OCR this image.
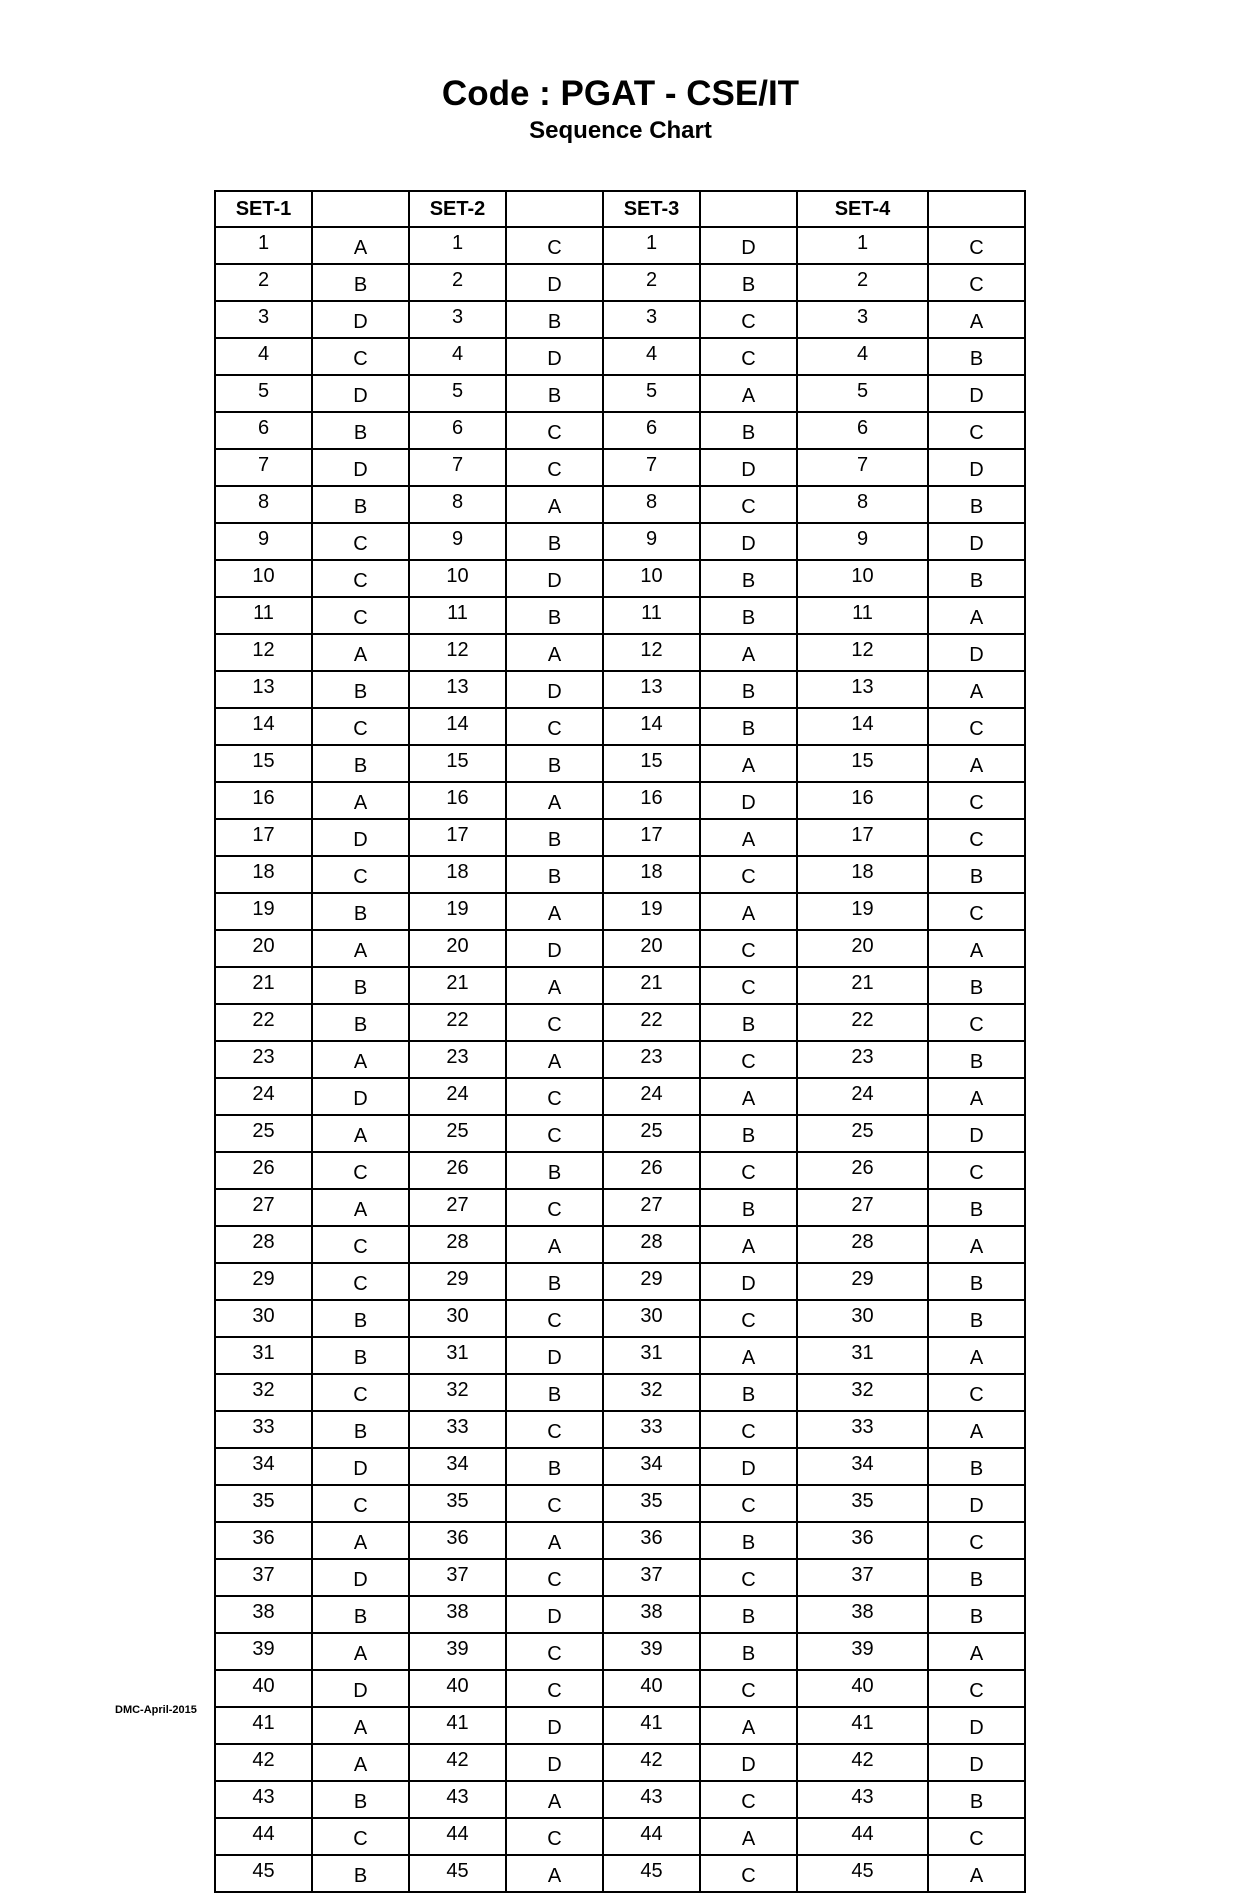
Code : PGAT - CSE/IT
Sequence Chart
SET-1		SET-2		SET-3		SET-4	
1	A	1	C	1	D	1	C
2	B	2	D	2	B	2	C
3	D	3	B	3	C	3	A
4	C	4	D	4	C	4	B
5	D	5	B	5	A	5	D
6	B	6	C	6	B	6	C
7	D	7	C	7	D	7	D
8	B	8	A	8	C	8	B
9	C	9	B	9	D	9	D
10	C	10	D	10	B	10	B
11	C	11	B	11	B	11	A
12	A	12	A	12	A	12	D
13	B	13	D	13	B	13	A
14	C	14	C	14	B	14	C
15	B	15	B	15	A	15	A
16	A	16	A	16	D	16	C
17	D	17	B	17	A	17	C
18	C	18	B	18	C	18	B
19	B	19	A	19	A	19	C
20	A	20	D	20	C	20	A
21	B	21	A	21	C	21	B
22	B	22	C	22	B	22	C
23	A	23	A	23	C	23	B
24	D	24	C	24	A	24	A
25	A	25	C	25	B	25	D
26	C	26	B	26	C	26	C
27	A	27	C	27	B	27	B
28	C	28	A	28	A	28	A
29	C	29	B	29	D	29	B
30	B	30	C	30	C	30	B
31	B	31	D	31	A	31	A
32	C	32	B	32	B	32	C
33	B	33	C	33	C	33	A
34	D	34	B	34	D	34	B
35	C	35	C	35	C	35	D
36	A	36	A	36	B	36	C
37	D	37	C	37	C	37	B
38	B	38	D	38	B	38	B
39	A	39	C	39	B	39	A
40	D	40	C	40	C	40	C
41	A	41	D	41	A	41	D
42	A	42	D	42	D	42	D
43	B	43	A	43	C	43	B
44	C	44	C	44	A	44	C
45	B	45	A	45	C	45	A
DMC-April-2015
